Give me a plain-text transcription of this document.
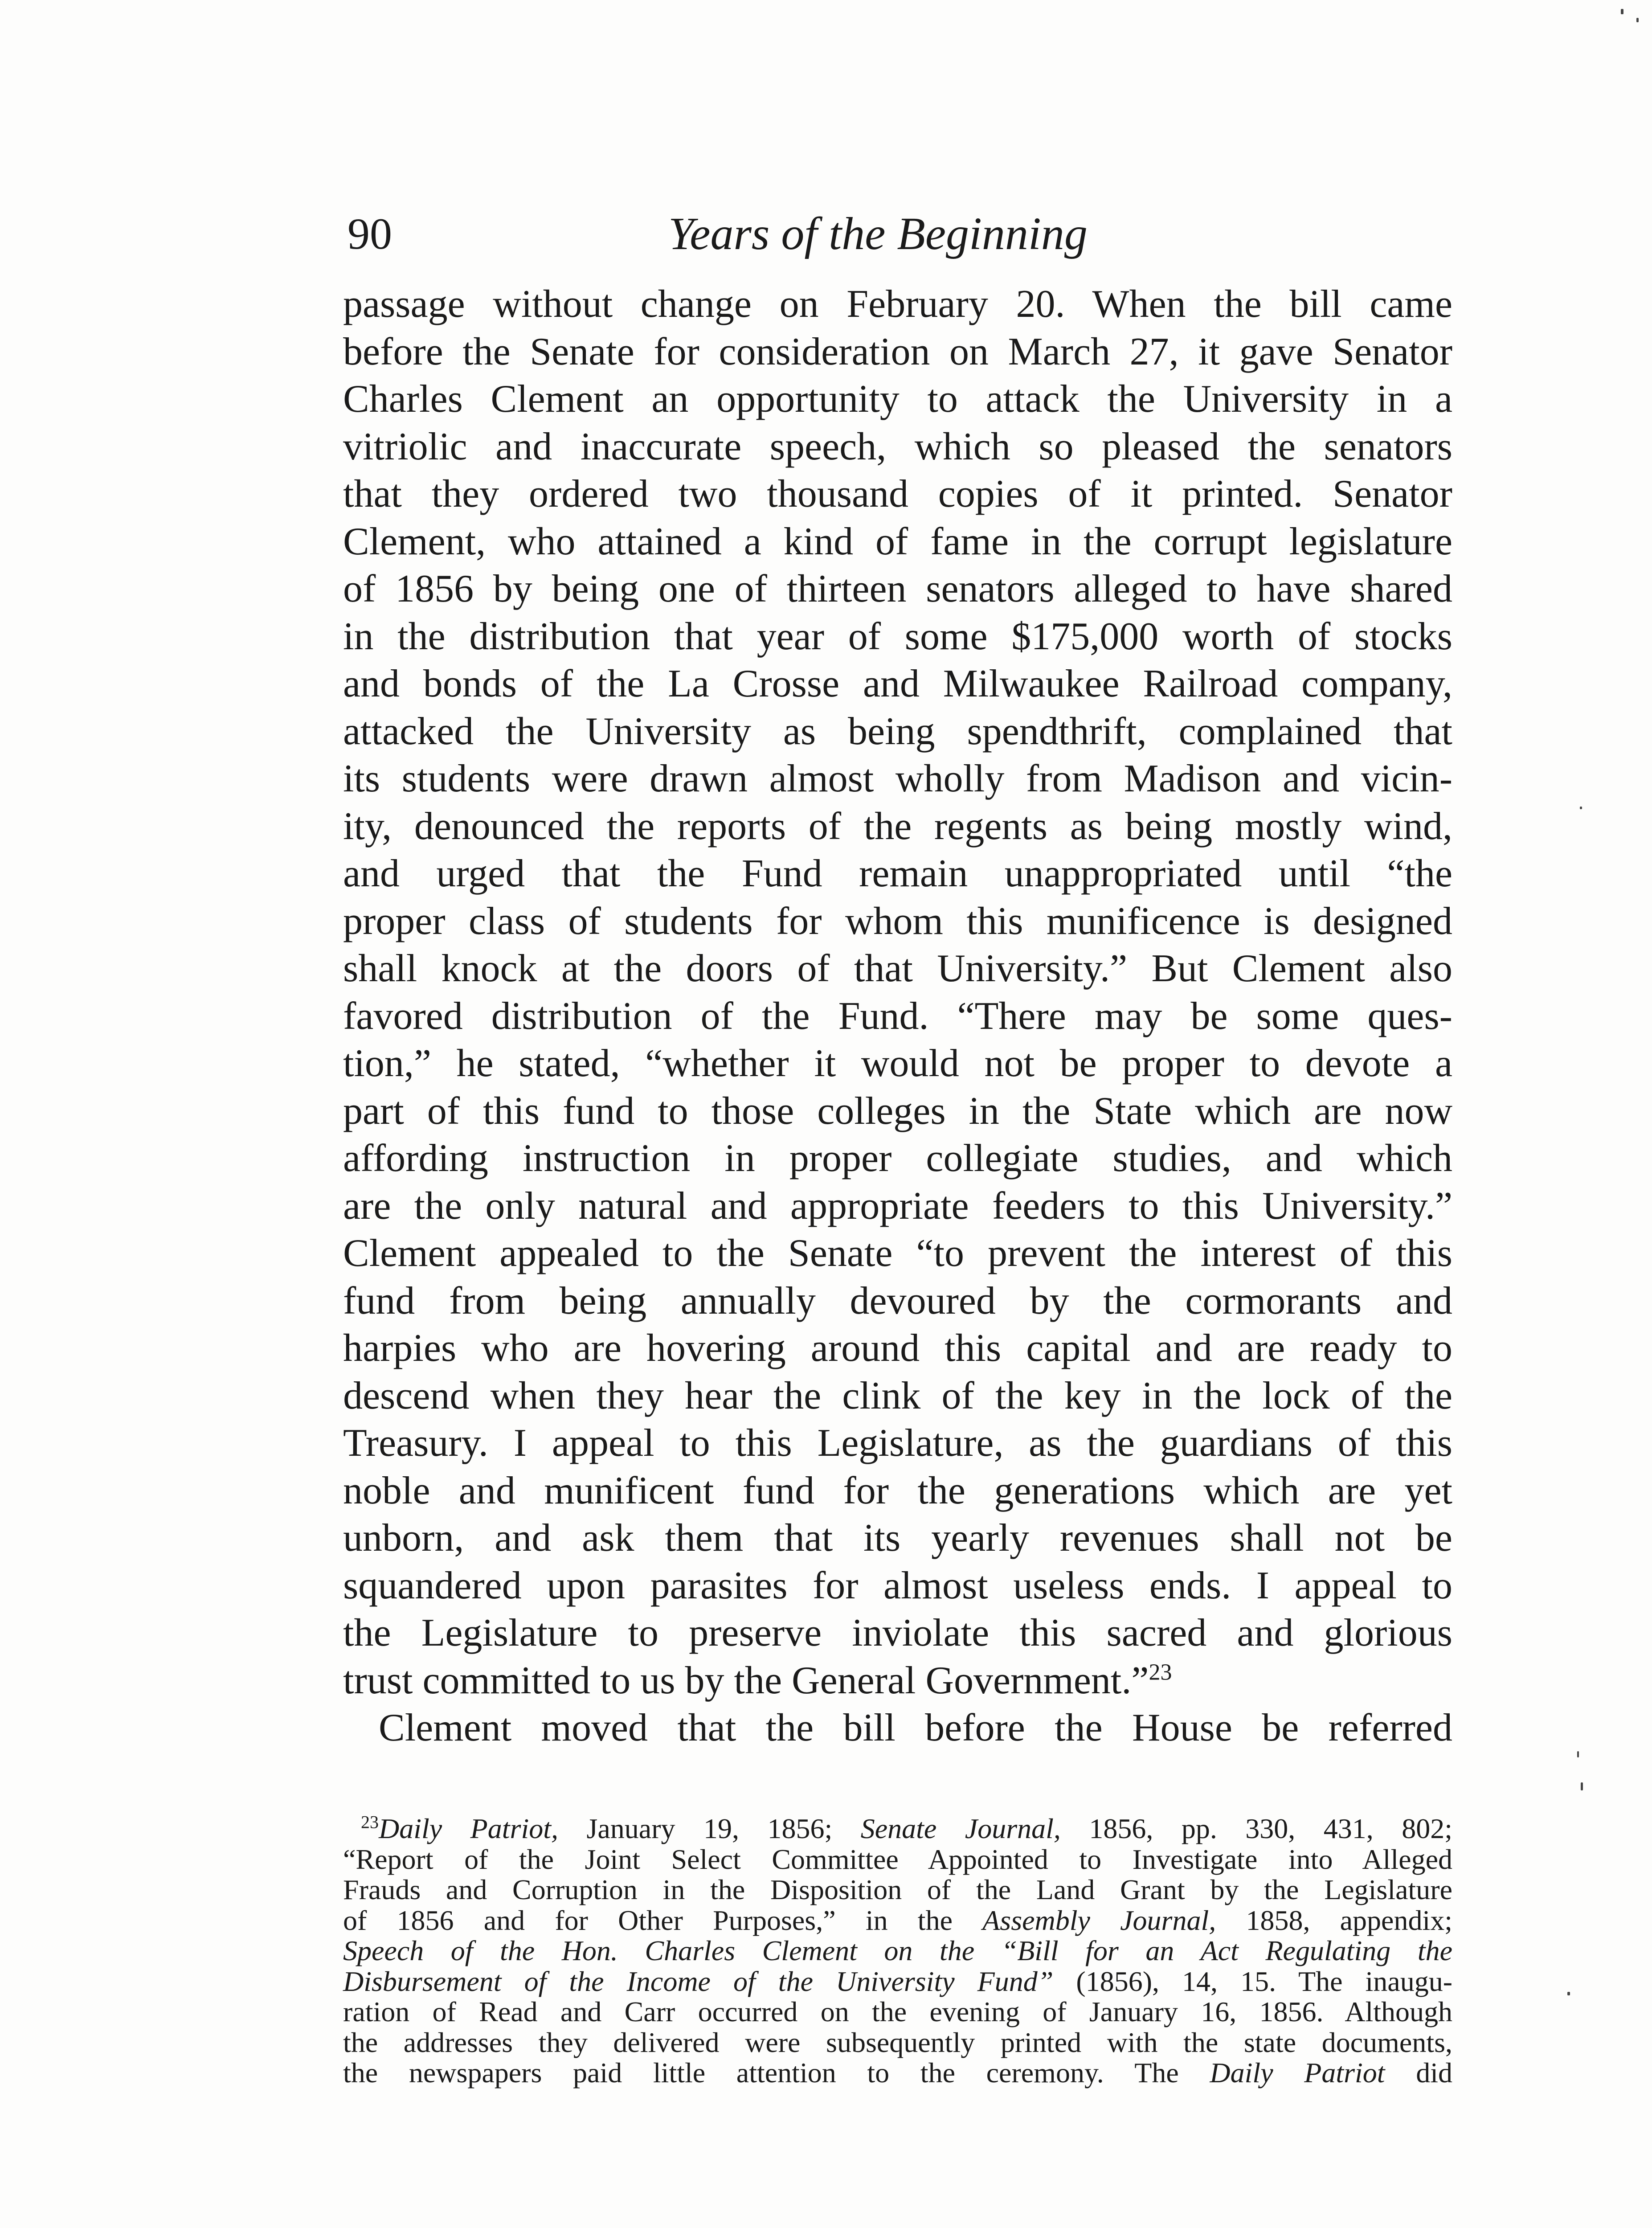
90	Years of the Beginning
passage without change on February 20. When the bill came
before the Senate for consideration on March 27, it gave Senator
Charles Clement an opportunity to attack the University in a
vitriolic and inaccurate speech, which so pleased the senators
that they ordered two thousand copies of it printed. Senator
Clement, who attained a kind of fame in the corrupt legislature
of 1856 by being one of thirteen senators alleged to have shared
in the distribution that year of some $175,000 worth of stocks
and bonds of the La Crosse and Milwaukee Railroad company,
attacked the University as being spendthrift, complained that
its students were drawn almost wholly from Madison and vicin-
ity, denounced the reports of the regents as being mostly wind,
and urged that the Fund remain unappropriated until “the
proper class of students for whom this munificence is designed
shall knock at the doors of that University.” But Clement also
favored distribution of the Fund. “There may be some ques-
tion,” he stated, “whether it would not be proper to devote a
part of this fund to those colleges in the State which are now
affording instruction in proper collegiate studies, and which
are the only natural and appropriate feeders to this University.”
Clement appealed to the Senate “to prevent the interest of this
fund from being annually devoured by the cormorants and
harpies who are hovering around this capital and are ready to
descend when they hear the clink of the key in the lock of the
Treasury. I appeal to this Legislature, as the guardians of this
noble and munificent fund for the generations which are yet
unborn, and ask them that its yearly revenues shall not be
squandered upon parasites for almost useless ends. I appeal to
the Legislature to preserve inviolate this sacred and glorious
trust committed to us by the General Government.”$^{23}$
Clement moved that the bill before the House be referred
$^{23}$Daily Patriot, January 19, 1856; Senate Journal, 1856, pp. 330, 431, 802;
“Report of the Joint Select Committee Appointed to Investigate into Alleged
Frauds and Corruption in the Disposition of the Land Grant by the Legislature
of 1856 and for Other Purposes,” in the Assembly Journal, 1858, appendix;
Speech of the Hon. Charles Clement on the “Bill for an Act Regulating the
Disbursement of the Income of the University Fund” (1856), 14, 15. The inaugu-
ration of Read and Carr occurred on the evening of January 16, 1856. Although
the addresses they delivered were subsequently printed with the state documents,
the newspapers paid little attention to the ceremony. The Daily Patriot did
